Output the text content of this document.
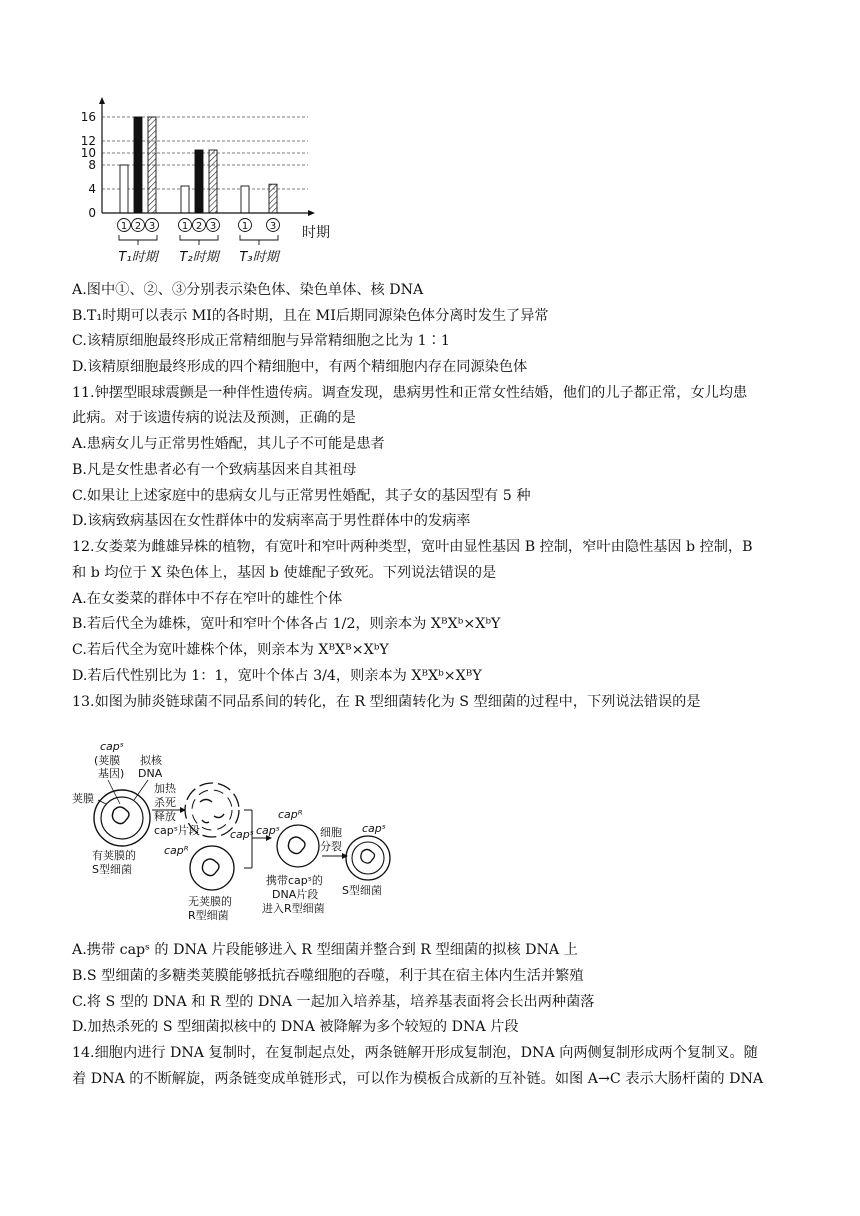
0
4
8
10
12
16
1 2 3	1 2 3	1 3
T₁时期 T₂时期 T₃时期
时期
A.图中①、②、③分别表示染色体、染色单体、核 DNA
B.T₁时期可以表示 MⅠ的各时期，且在 MⅠ后期同源染色体分离时发生了异常
C.该精原细胞最终形成正常精细胞与异常精细胞之比为 1∶1
D.该精原细胞最终形成的四个精细胞中，有两个精细胞内存在同源染色体
11.钟摆型眼球震颤是一种伴性遗传病。调查发现，患病男性和正常女性结婚，他们的儿子都正常，女儿均患
此病。对于该遗传病的说法及预测，正确的是
A.患病女儿与正常男性婚配，其儿子不可能是患者
B.凡是女性患者必有一个致病基因来自其祖母
C.如果让上述家庭中的患病女儿与正常男性婚配，其子女的基因型有 5 种
D.该病致病基因在女性群体中的发病率高于男性群体中的发病率
12.女娄菜为雌雄异株的植物，有宽叶和窄叶两种类型，宽叶由显性基因 B 控制，窄叶由隐性基因 b 控制，B
和 b 均位于 X 染色体上，基因 b 使雄配子致死。下列说法错误的是
A.在女娄菜的群体中不存在窄叶的雄性个体
B.若后代全为雄株，宽叶和窄叶个体各占 1/2，则亲本为 XᴮXᵇ×XᵇY
C.若后代全为宽叶雄株个体，则亲本为 XᴮXᴮ×XᵇY
D.若后代性别比为 1：1，宽叶个体占 3/4，则亲本为 XᴮXᵇ×XᴮY
13.如图为肺炎链球菌不同品系间的转化，在 R 型细菌转化为 S 型细菌的过程中，下列说法错误的是
capˢ
(荚膜
基因)
拟核
DNA
荚膜
有荚膜的
S型细菌
加热
杀死
释放
capˢ片段	capˢ
capᴿ
无荚膜的
R型细菌
capˢ
capᴿ
携带capˢ的
DNA片段
进入R型细菌
细胞
分裂
capˢ
S型细菌
A.携带 capˢ 的 DNA 片段能够进入 R 型细菌并整合到 R 型细菌的拟核 DNA 上
B.S 型细菌的多糖类荚膜能够抵抗吞噬细胞的吞噬，利于其在宿主体内生活并繁殖
C.将 S 型的 DNA 和 R 型的 DNA 一起加入培养基，培养基表面将会长出两种菌落
D.加热杀死的 S 型细菌拟核中的 DNA 被降解为多个较短的 DNA 片段
14.细胞内进行 DNA 复制时，在复制起点处，两条链解开形成复制泡，DNA 向两侧复制形成两个复制叉。随
着 DNA 的不断解旋，两条链变成单链形式，可以作为模板合成新的互补链。如图 A→C 表示大肠杆菌的 DNA
